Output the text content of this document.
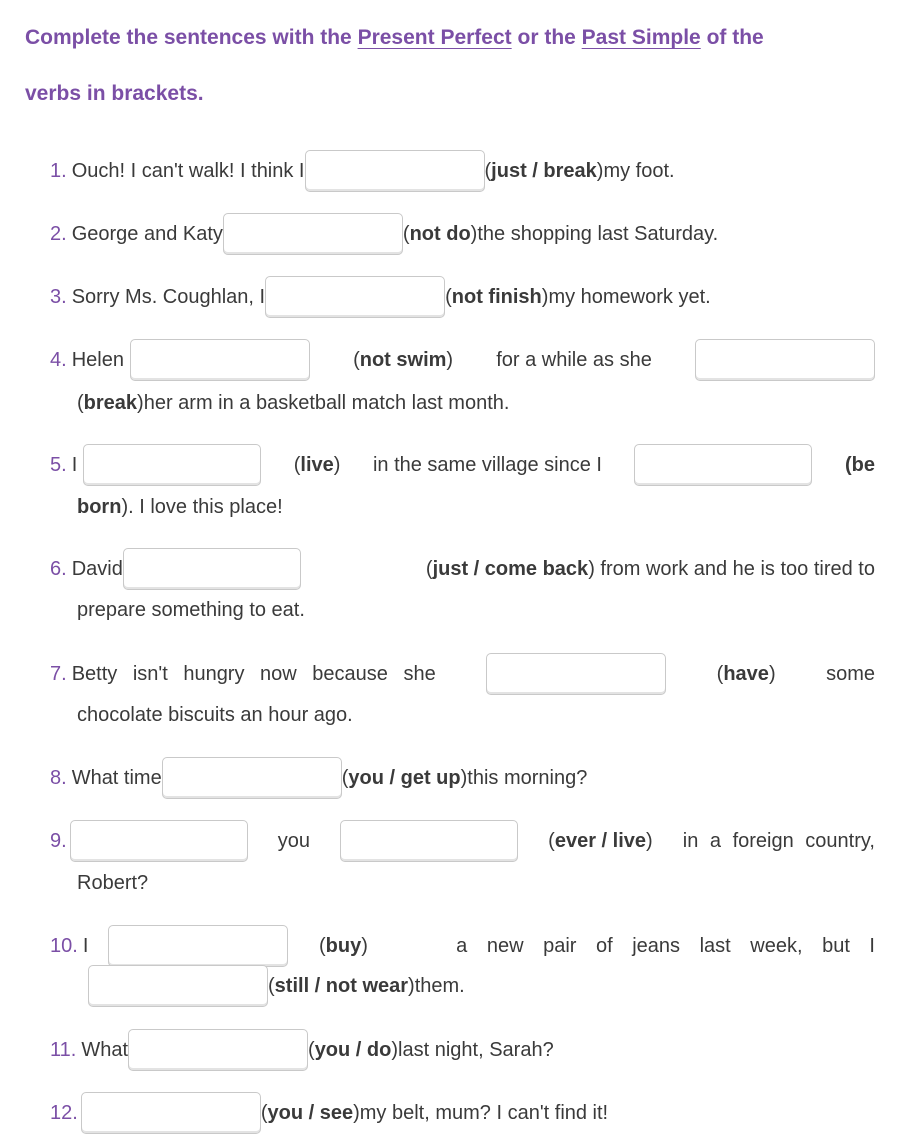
Complete the sentences with the Present Perfect or the Past Simple of the

verbs in brackets.

1. Ouch! I can't walk! I think I	(just / break) my foot.
2. George and Katy	(not do) the shopping last Saturday.
3. Sorry Ms. Coughlan, I	(not finish) my homework yet.
4. Helen	(not swim) for a while as she
(break) her arm in a basketball match last month.
5. I	(live) in the same village since I	(be
born ). I love this place!
6. David	(just / come back) from work and he is too tired to
prepare something to eat.
7. Betty isn't hungry now because she	(have)	some
chocolate biscuits an hour ago.
8. What time	(you / get up) this morning?
9.	you	(ever / live) in a foreign country,
Robert?
10. I	(buy)	a new pair of jeans last week, but I
(still / not wear) them.
11. What	(you / do) last night, Sarah?
12.	(you / see) my belt, mum? I can't find it!
